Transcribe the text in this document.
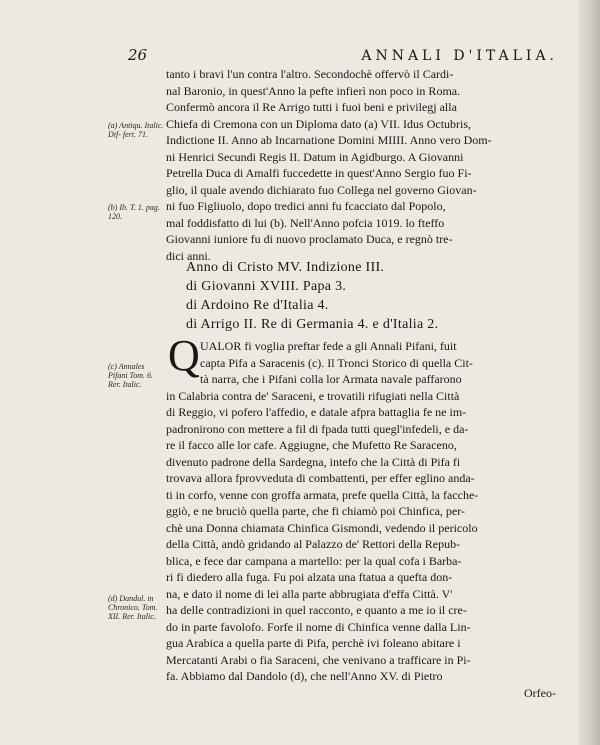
26	ANNALI D'ITALIA.
(a) Antiqu. Italic. Dif- fert. 71.
(b) Ib. T. 1. pag. 120.
(c) Annales Pifani Tom. 6. Rer. Italic.
(d) Dandul. in Chronico. Tom. XII. Rer. Italic.
tanto i bravi l'un contra l'altro. Secondochè offervò il Cardi-
nal Baronio, in quest'Anno la pefte infierì non poco in Roma.
Confermò ancora il Re Arrigo tutti i fuoi beni e privilegj alla
Chiefa di Cremona con un Diploma dato (a) VII. Idus Octubris,
Indictione II. Anno ab Incarnatione Domini MIIII. Anno vero Dom-
ni Henrici Secundi Regis II. Datum in Agidburgo. A Giovanni
Petrella Duca di Amalfi fuccedette in quest'Anno Sergio fuo Fi-
glio, il quale avendo dichiarato fuo Collega nel governo Giovan-
ni fuo Figliuolo, dopo tredici anni fu fcacciato dal Popolo,
mal foddisfatto di lui (b). Nell'Anno pofcia 1019. lo fteffo
Giovanni iuniore fu di nuovo proclamato Duca, e regnò tre-
dici anni.
Anno di Cristo MV. Indizione III.
di Giovanni XVIII. Papa 3.
di Ardoino Re d'Italia 4.
di Arrigo II. Re di Germania 4. e d'Italia 2.
Q UALOR fi voglia preftar fede a gli Annali Pifani, fuit
capta Pifa a Saracenis (c). Il Tronci Storico di quella Cit-
tà narra, che i Pifani colla lor Armata navale paffarono
in Calabria contra de' Saraceni, e trovatili rifugiati nella Città
di Reggio, vi pofero l'affedio, e datale afpra battaglia fe ne im-
padronirono con mettere a fil di fpada tutti quegl'infedeli, e da-
re il facco alle lor cafe. Aggiugne, che Mufetto Re Saraceno,
divenuto padrone della Sardegna, intefo che la Città di Pifa fi
trovava allora fprovveduta di combattenti, per effer eglino anda-
ti in corfo, venne con groffa armata, prefe quella Città, la facche-
ggiò, e ne bruciò quella parte, che fi chiamò poi Chinfica, per-
chè una Donna chiamata Chinfica Gismondi, vedendo il pericolo
della Città, andò gridando al Palazzo de' Rettori della Repub-
blica, e fece dar campana a martello: per la qual cofa i Barba-
ri fi diedero alla fuga. Fu poi alzata una ftatua a quefta don-
na, e dato il nome di lei alla parte abbrugiata d'effa Città. V'
ha delle contradizioni in quel racconto, e quanto a me io il cre-
do in parte favolofo. Forfe il nome di Chinfica venne dalla Lin-
gua Arabica a quella parte di Pifa, perchè ivi foleano abitare i
Mercatanti Arabi o fia Saraceni, che venivano a trafficare in Pi-
fa. Abbiamo dal Dandolo (d), che nell'Anno XV. di Pietro
Orfeo-
